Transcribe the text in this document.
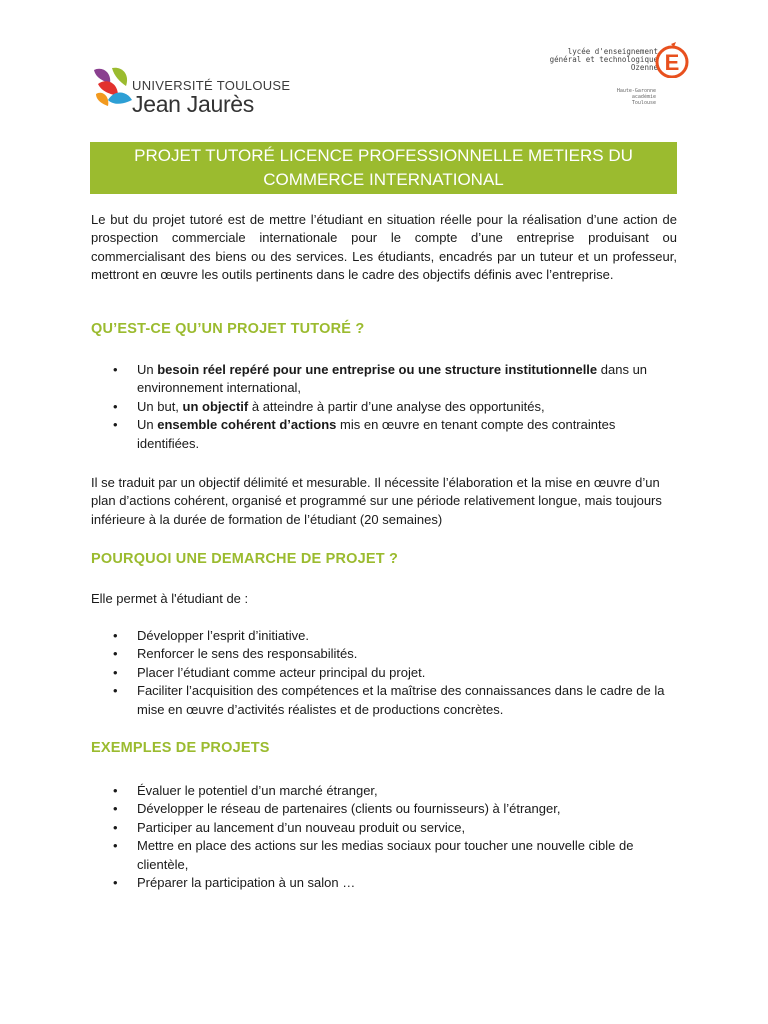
UNIVERSITÉ TOULOUSE
Jean Jaurès
lycée d'enseignement
général et technologique
Ozenne E
Haute-Garonne
académie
Toulouse
PROJET TUTORÉ LICENCE PROFESSIONNELLE METIERS DU
COMMERCE INTERNATIONAL
Le but du projet tutoré est de mettre l’étudiant en situation réelle pour la réalisation d’une action de prospection commerciale internationale pour le compte d’une entreprise produisant ou commercialisant des biens ou des services. Les étudiants, encadrés par un tuteur et un professeur, mettront en œuvre les outils pertinents dans le cadre des objectifs définis avec l’entreprise.
QU’EST-CE QU’UN PROJET TUTORÉ ?
• Un besoin réel repéré pour une entreprise ou une structure institutionnelle dans un environnement international,
• Un but, un objectif à atteindre à partir d’une analyse des opportunités,
• Un ensemble cohérent d’actions mis en œuvre en tenant compte des contraintes identifiées.
Il se traduit par un objectif délimité et mesurable. Il nécessite l’élaboration et la mise en œuvre d’un plan d’actions cohérent, organisé et programmé sur une période relativement longue, mais toujours inférieure à la durée de formation de l’étudiant (20 semaines)
POURQUOI UNE DEMARCHE DE PROJET ?
Elle permet à l'étudiant de :
• Développer l’esprit d’initiative.
• Renforcer le sens des responsabilités.
• Placer l’étudiant comme acteur principal du projet.
• Faciliter l’acquisition des compétences et la maîtrise des connaissances dans le cadre de la mise en œuvre d’activités réalistes et de productions concrètes.
EXEMPLES DE PROJETS
• Évaluer le potentiel d’un marché étranger,
• Développer le réseau de partenaires (clients ou fournisseurs) à l’étranger,
• Participer au lancement d’un nouveau produit ou service,
• Mettre en place des actions sur les medias sociaux pour toucher une nouvelle cible de clientèle,
• Préparer la participation à un salon …
